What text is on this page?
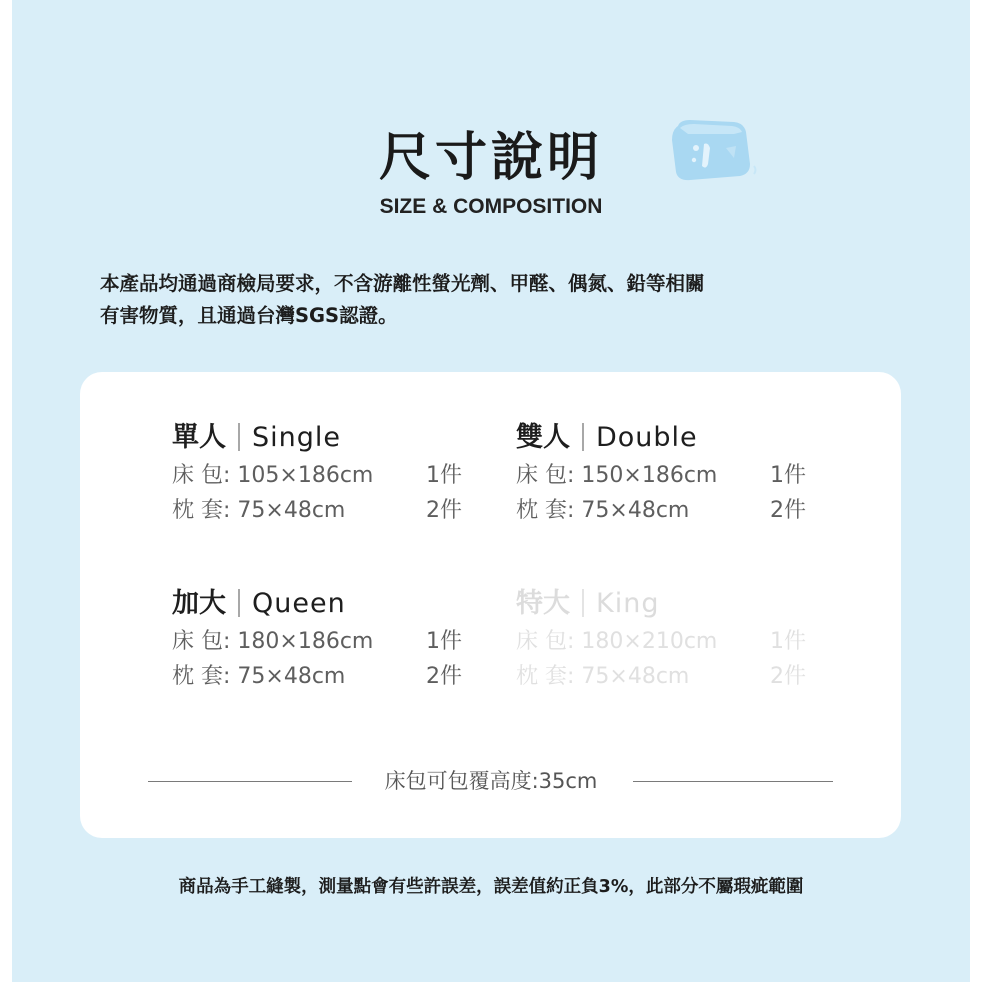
尺寸說明
SIZE & COMPOSITION
本產品均通過商檢局要求，不含游離性螢光劑、甲醛、偶氮、鉛等相關
有害物質，且通過台灣SGS認證。
單人 Single
床 包: 105×186cm 1件
枕 套: 75×48cm	2件
雙人 Double
床 包: 150×186cm 1件
枕 套: 75×48cm	2件
加大 Queen
床 包: 180×186cm 1件
枕 套: 75×48cm	2件
特大 King
床 包: 180×210cm 1件
枕 套: 75×48cm	2件
床包可包覆高度:35cm
商品為手工縫製，測量點會有些許誤差，誤差值約正負3%，此部分不屬瑕疵範圍
